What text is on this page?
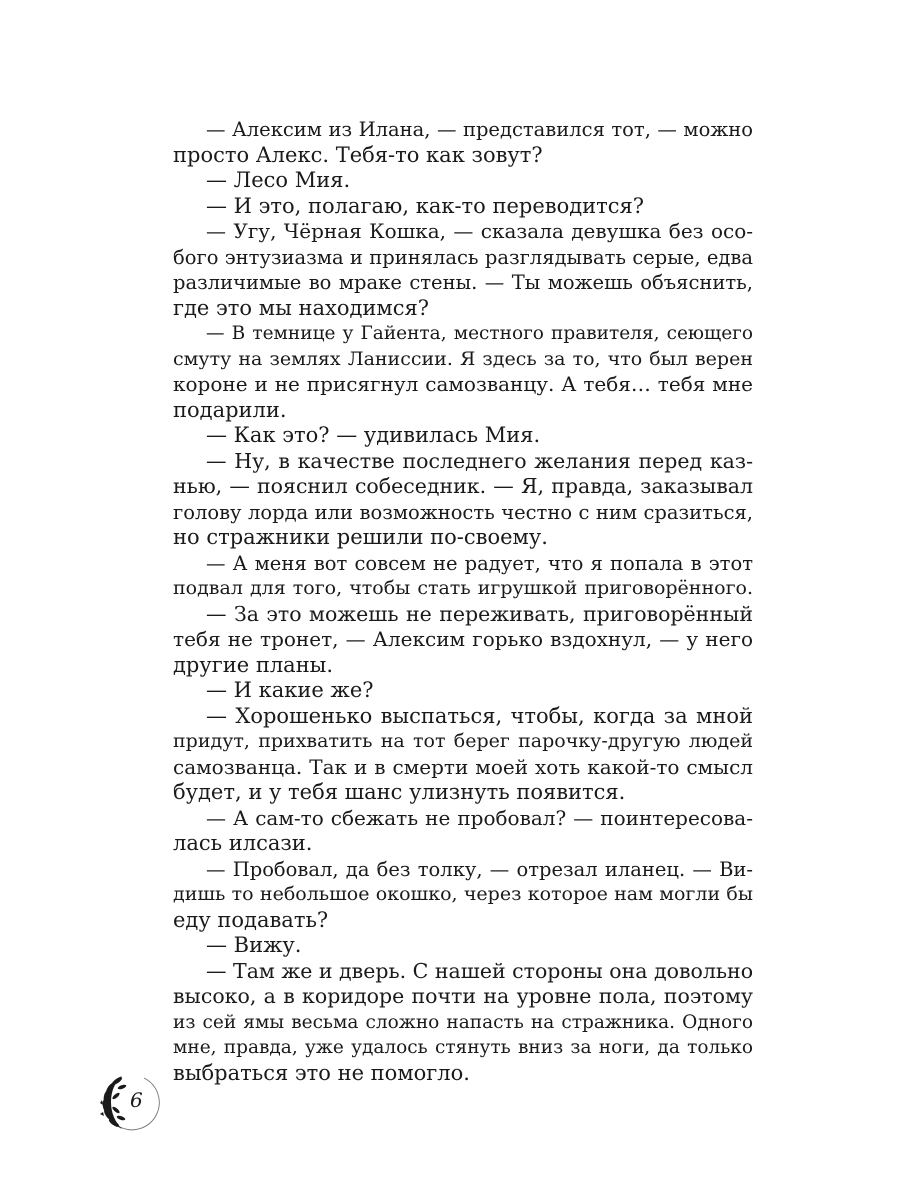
— Алексим из Илана, — представился тот, — можно
просто Алекс. Тебя-то как зовут?
— Лесо Мия.
— И это, полагаю, как-то переводится?
— Угу, Чёрная Кошка, — сказала девушка без осо-
бого энтузиазма и принялась разглядывать серые, едва
различимые во мраке стены. — Ты можешь объяснить,
где это мы находимся?
— В темнице у Гайента, местного правителя, сеющего
смуту на землях Ланиссии. Я здесь за то, что был верен
короне и не присягнул самозванцу. А тебя… тебя мне
подарили.
— Как это? — удивилась Мия.
— Ну, в качестве последнего желания перед каз-
нью, — пояснил собеседник. — Я, правда, заказывал
голову лорда или возможность честно с ним сразиться,
но стражники решили по-своему.
— А меня вот совсем не радует, что я попала в этот
подвал для того, чтобы стать игрушкой приговорённого.
— За это можешь не переживать, приговорённый
тебя не тронет, — Алексим горько вздохнул, — у него
другие планы.
— И какие же?
— Хорошенько выспаться, чтобы, когда за мной
придут, прихватить на тот берег парочку-другую людей
самозванца. Так и в смерти моей хоть какой-то смысл
будет, и у тебя шанс улизнуть появится.
— А сам-то сбежать не пробовал? — поинтересова-
лась илсази.
— Пробовал, да без толку, — отрезал иланец. — Ви-
дишь то небольшое окошко, через которое нам могли бы
еду подавать?
— Вижу.
— Там же и дверь. С нашей стороны она довольно
высоко, а в коридоре почти на уровне пола, поэтому
из сей ямы весьма сложно напасть на стражника. Одного
мне, правда, уже удалось стянуть вниз за ноги, да только
выбраться это не помогло.
6
